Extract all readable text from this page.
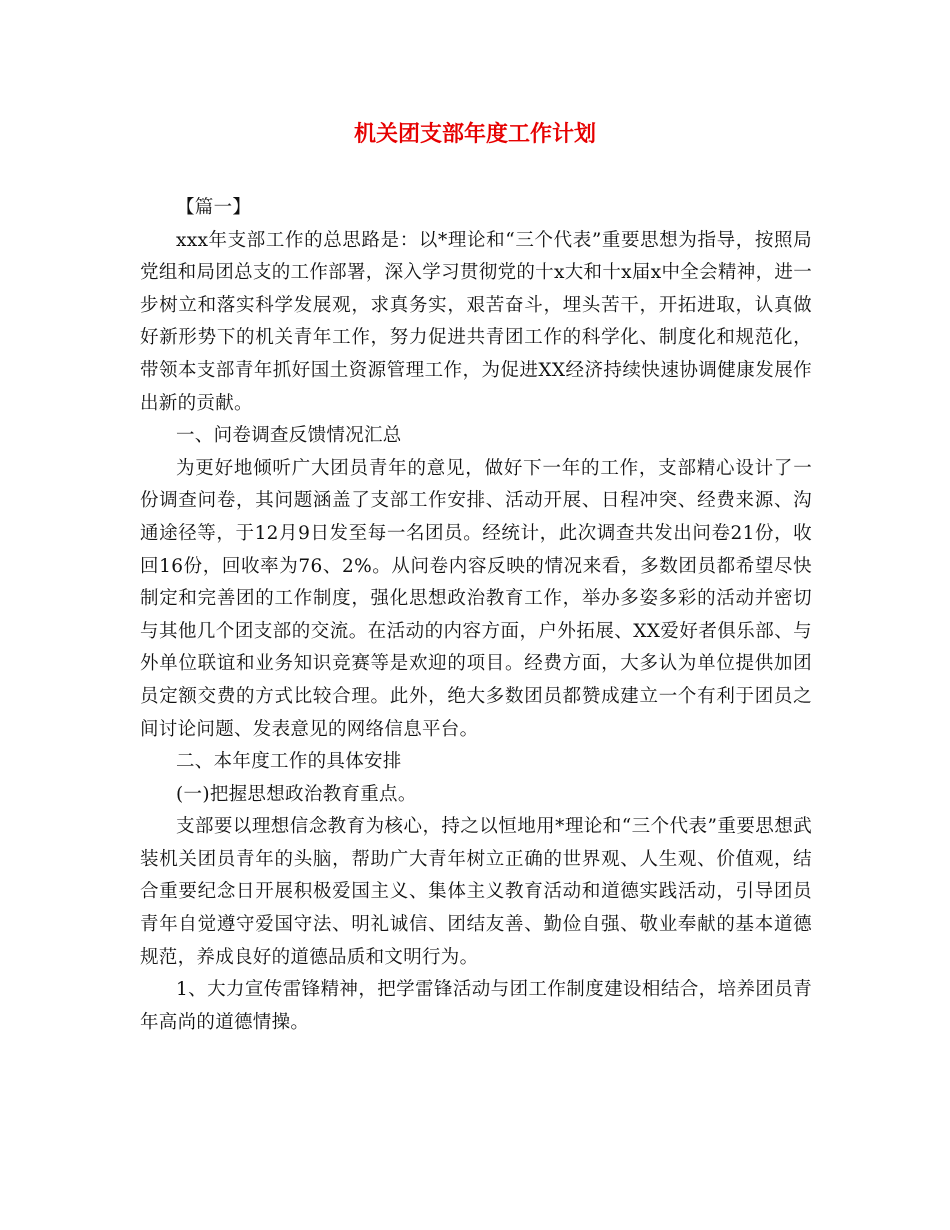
机关团支部年度工作计划

【篇一】

xxx年支部工作的总思路是：以*理论和“三个代表”重要思想为指导，按照局党组和局团总支的工作部署，深入学习贯彻党的十x大和十x届x中全会精神，进一步树立和落实科学发展观，求真务实，艰苦奋斗，埋头苦干，开拓进取，认真做好新形势下的机关青年工作，努力促进共青团工作的科学化、制度化和规范化，带领本支部青年抓好国土资源管理工作，为促进XX经济持续快速协调健康发展作出新的贡献。

一、问卷调查反馈情况汇总

为更好地倾听广大团员青年的意见，做好下一年的工作，支部精心设计了一份调查问卷，其问题涵盖了支部工作安排、活动开展、日程冲突、经费来源、沟通途径等，于12月9日发至每一名团员。经统计，此次调查共发出问卷21份，收回16份，回收率为76、2%。从问卷内容反映的情况来看，多数团员都希望尽快制定和完善团的工作制度，强化思想政治教育工作，举办多姿多彩的活动并密切与其他几个团支部的交流。在活动的内容方面，户外拓展、XX爱好者俱乐部、与外单位联谊和业务知识竞赛等是欢迎的项目。经费方面，大多认为单位提供加团员定额交费的方式比较合理。此外，绝大多数团员都赞成建立一个有利于团员之间讨论问题、发表意见的网络信息平台。

二、本年度工作的具体安排

(一)把握思想政治教育重点。

支部要以理想信念教育为核心，持之以恒地用*理论和“三个代表”重要思想武装机关团员青年的头脑，帮助广大青年树立正确的世界观、人生观、价值观，结合重要纪念日开展积极爱国主义、集体主义教育活动和道德实践活动，引导团员青年自觉遵守爱国守法、明礼诚信、团结友善、勤俭自强、敬业奉献的基本道德规范，养成良好的道德品质和文明行为。

1、大力宣传雷锋精神，把学雷锋活动与团工作制度建设相结合，培养团员青年高尚的道德情操。
